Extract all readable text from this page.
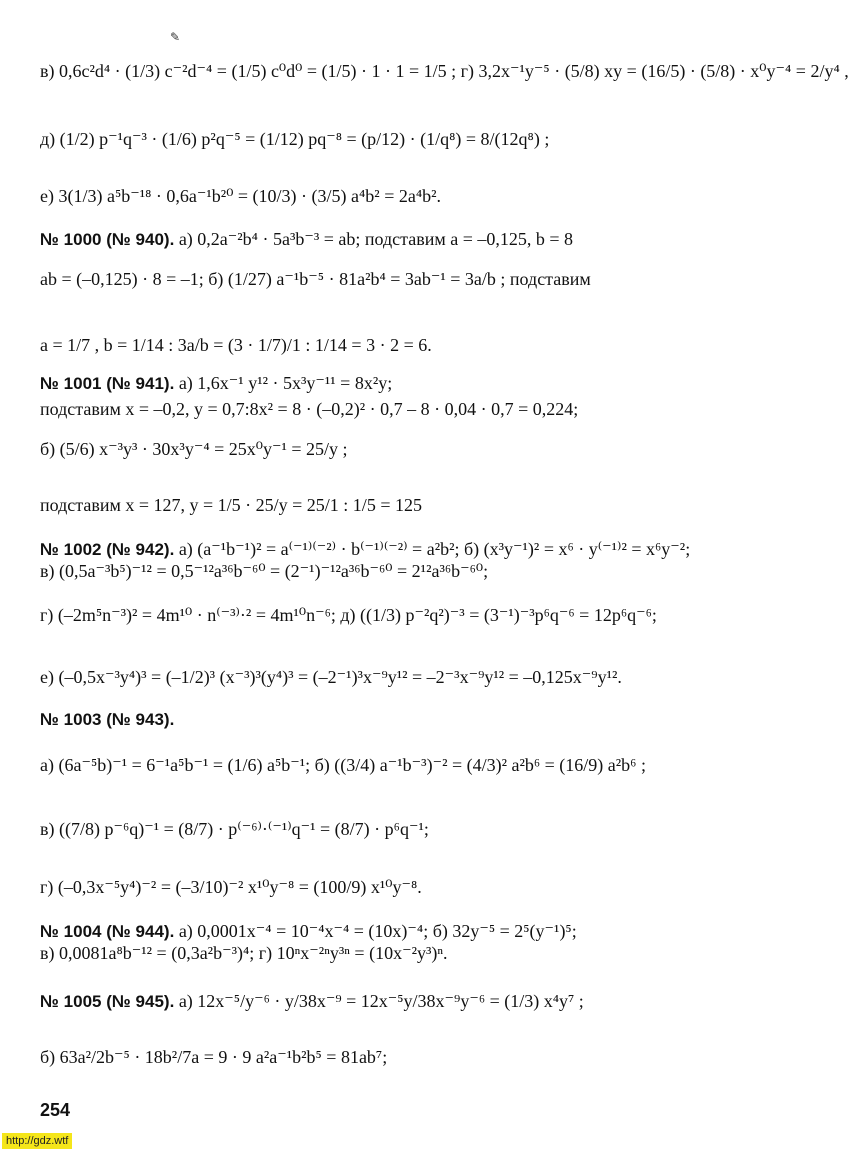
✎
в) 0,6c²d⁴ · (1/3) c⁻²d⁻⁴ = (1/5) c⁰d⁰ = (1/5) · 1 · 1 = 1/5 ; г) 3,2x⁻¹y⁻⁵ · (5/8) xy = (16/5) · (5/8) · x⁰y⁻⁴ = 2/y⁴ ,
д) (1/2) p⁻¹q⁻³ · (1/6) p²q⁻⁵ = (1/12) pq⁻⁸ = (p/12) · (1/q⁸) = 8/(12q⁸) ;
е) 3(1/3) a⁵b⁻¹⁸ · 0,6a⁻¹b²⁰ = (10/3) · (3/5) a⁴b² = 2a⁴b².
№ 1000 (№ 940). а) 0,2a⁻²b⁴ · 5a³b⁻³ = ab; подставим a = –0,125, b = 8
ab = (–0,125) · 8 = –1; б) (1/27) a⁻¹b⁻⁵ · 81a²b⁴ = 3ab⁻¹ = 3a/b ; подставим
a = 1/7 , b = 1/14 : 3a/b = (3 · 1/7)/1 : 1/14 = 3 · 2 = 6.
№ 1001 (№ 941). а) 1,6x⁻¹ y¹² · 5x³y⁻¹¹ = 8x²y;
подставим x = –0,2, y = 0,7:8x² = 8 · (–0,2)² · 0,7 – 8 · 0,04 · 0,7 = 0,224;
б) (5/6) x⁻³y³ · 30x³y⁻⁴ = 25x⁰y⁻¹ = 25/y ;
подставим x = 127, y = 1/5 · 25/y = 25/1 : 1/5 = 125
№ 1002 (№ 942). а) (a⁻¹b⁻¹)² = a⁽⁻¹⁾⁽⁻²⁾ · b⁽⁻¹⁾⁽⁻²⁾ = a²b²; б) (x³y⁻¹)² = x⁶ · y⁽⁻¹⁾² = x⁶y⁻²;
в) (0,5a⁻³b⁵)⁻¹² = 0,5⁻¹²a³⁶b⁻⁶⁰ = (2⁻¹)⁻¹²a³⁶b⁻⁶⁰ = 2¹²a³⁶b⁻⁶⁰;
г) (–2m⁵n⁻³)² = 4m¹⁰ · n⁽⁻³⁾·² = 4m¹⁰n⁻⁶; д) ((1/3) p⁻²q²)⁻³ = (3⁻¹)⁻³p⁶q⁻⁶ = 12p⁶q⁻⁶;
е) (–0,5x⁻³y⁴)³ = (–1/2)³ (x⁻³)³(y⁴)³ = (–2⁻¹)³x⁻⁹y¹² = –2⁻³x⁻⁹y¹² = –0,125x⁻⁹y¹².
№ 1003 (№ 943).
а) (6a⁻⁵b)⁻¹ = 6⁻¹a⁵b⁻¹ = (1/6) a⁵b⁻¹; б) ((3/4) a⁻¹b⁻³)⁻² = (4/3)² a²b⁶ = (16/9) a²b⁶ ;
в) ((7/8) p⁻⁶q)⁻¹ = (8/7) · p⁽⁻⁶⁾·⁽⁻¹⁾q⁻¹ = (8/7) · p⁶q⁻¹;
г) (–0,3x⁻⁵y⁴)⁻² = (–3/10)⁻² x¹⁰y⁻⁸ = (100/9) x¹⁰y⁻⁸.
№ 1004 (№ 944). а) 0,0001x⁻⁴ = 10⁻⁴x⁻⁴ = (10x)⁻⁴; б) 32y⁻⁵ = 2⁵(y⁻¹)⁵;
в) 0,0081a⁸b⁻¹² = (0,3a²b⁻³)⁴; г) 10ⁿx⁻²ⁿy³ⁿ = (10x⁻²y³)ⁿ.
№ 1005 (№ 945). а) 12x⁻⁵/y⁻⁶ · y/38x⁻⁹ = 12x⁻⁵y/38x⁻⁹y⁻⁶ = (1/3) x⁴y⁷ ;
б) 63a²/2b⁻⁵ · 18b²/7a = 9 · 9 a²a⁻¹b²b⁵ = 81ab⁷;
254
http://gdz.wtf
